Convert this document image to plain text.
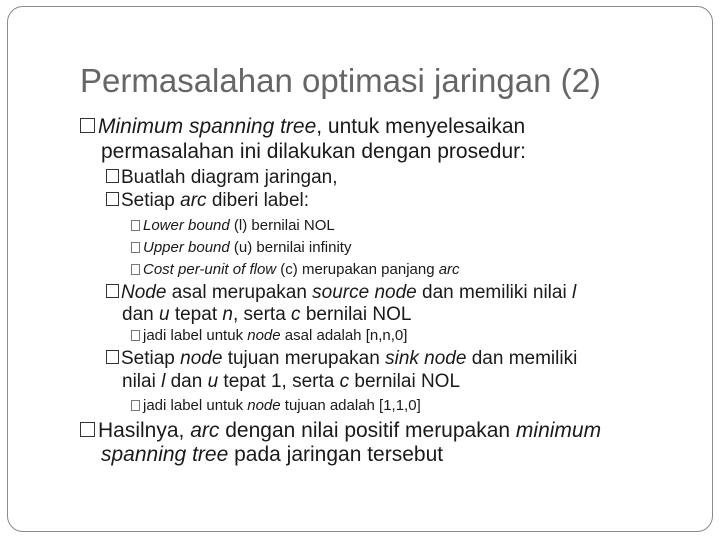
Permasalahan optimasi jaringan (2)
Minimum spanning tree, untuk menyelesaikan
permasalahan ini dilakukan dengan prosedur:
Buatlah diagram jaringan,
Setiap arc diberi label:
Lower bound (l) bernilai NOL
Upper bound (u) bernilai infinity
Cost per-unit of flow (c) merupakan panjang arc
Node asal merupakan source node dan memiliki nilai l
dan u tepat n, serta c bernilai NOL
jadi label untuk node asal adalah [n,n,0]
Setiap node tujuan merupakan sink node dan memiliki
nilai l dan u tepat 1, serta c bernilai NOL
jadi label untuk node tujuan adalah [1,1,0]
Hasilnya, arc dengan nilai positif merupakan minimum
spanning tree pada jaringan tersebut
